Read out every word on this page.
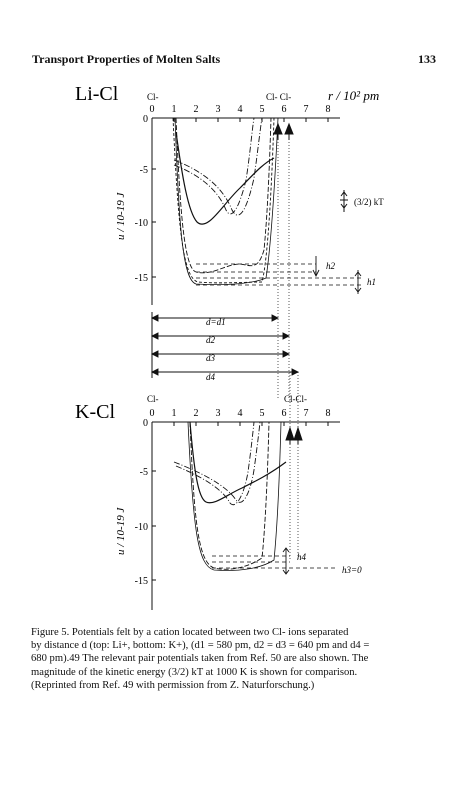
Transport Properties of Molten Salts	133
Li-Cl	Cl-	Cl- Cl-	r / 10² pm
0 1 2 3 4 5 6 7 8
0
-5
-10
-15
u / 10-19 J
h2
h1
(3/2) kT
d=d1
d2
d3
d4
K-Cl
Cl-	Cl-Cl-
0 1 2 3 4 5 6 7 8
0
-5
-10
-15
u / 10-19 J
h4
h3=0
Figure 5. Potentials felt by a cation located between two Cl- ions separated
by distance d (top: Li+, bottom: K+), (d1 = 580 pm, d2 = d3 = 640 pm and d4 =
680 pm).49 The relevant pair potentials taken from Ref. 50 are also shown. The
magnitude of the kinetic energy (3/2) kT at 1000 K is shown for comparison.
(Reprinted from Ref. 49 with permission from Z. Naturforschung.)
